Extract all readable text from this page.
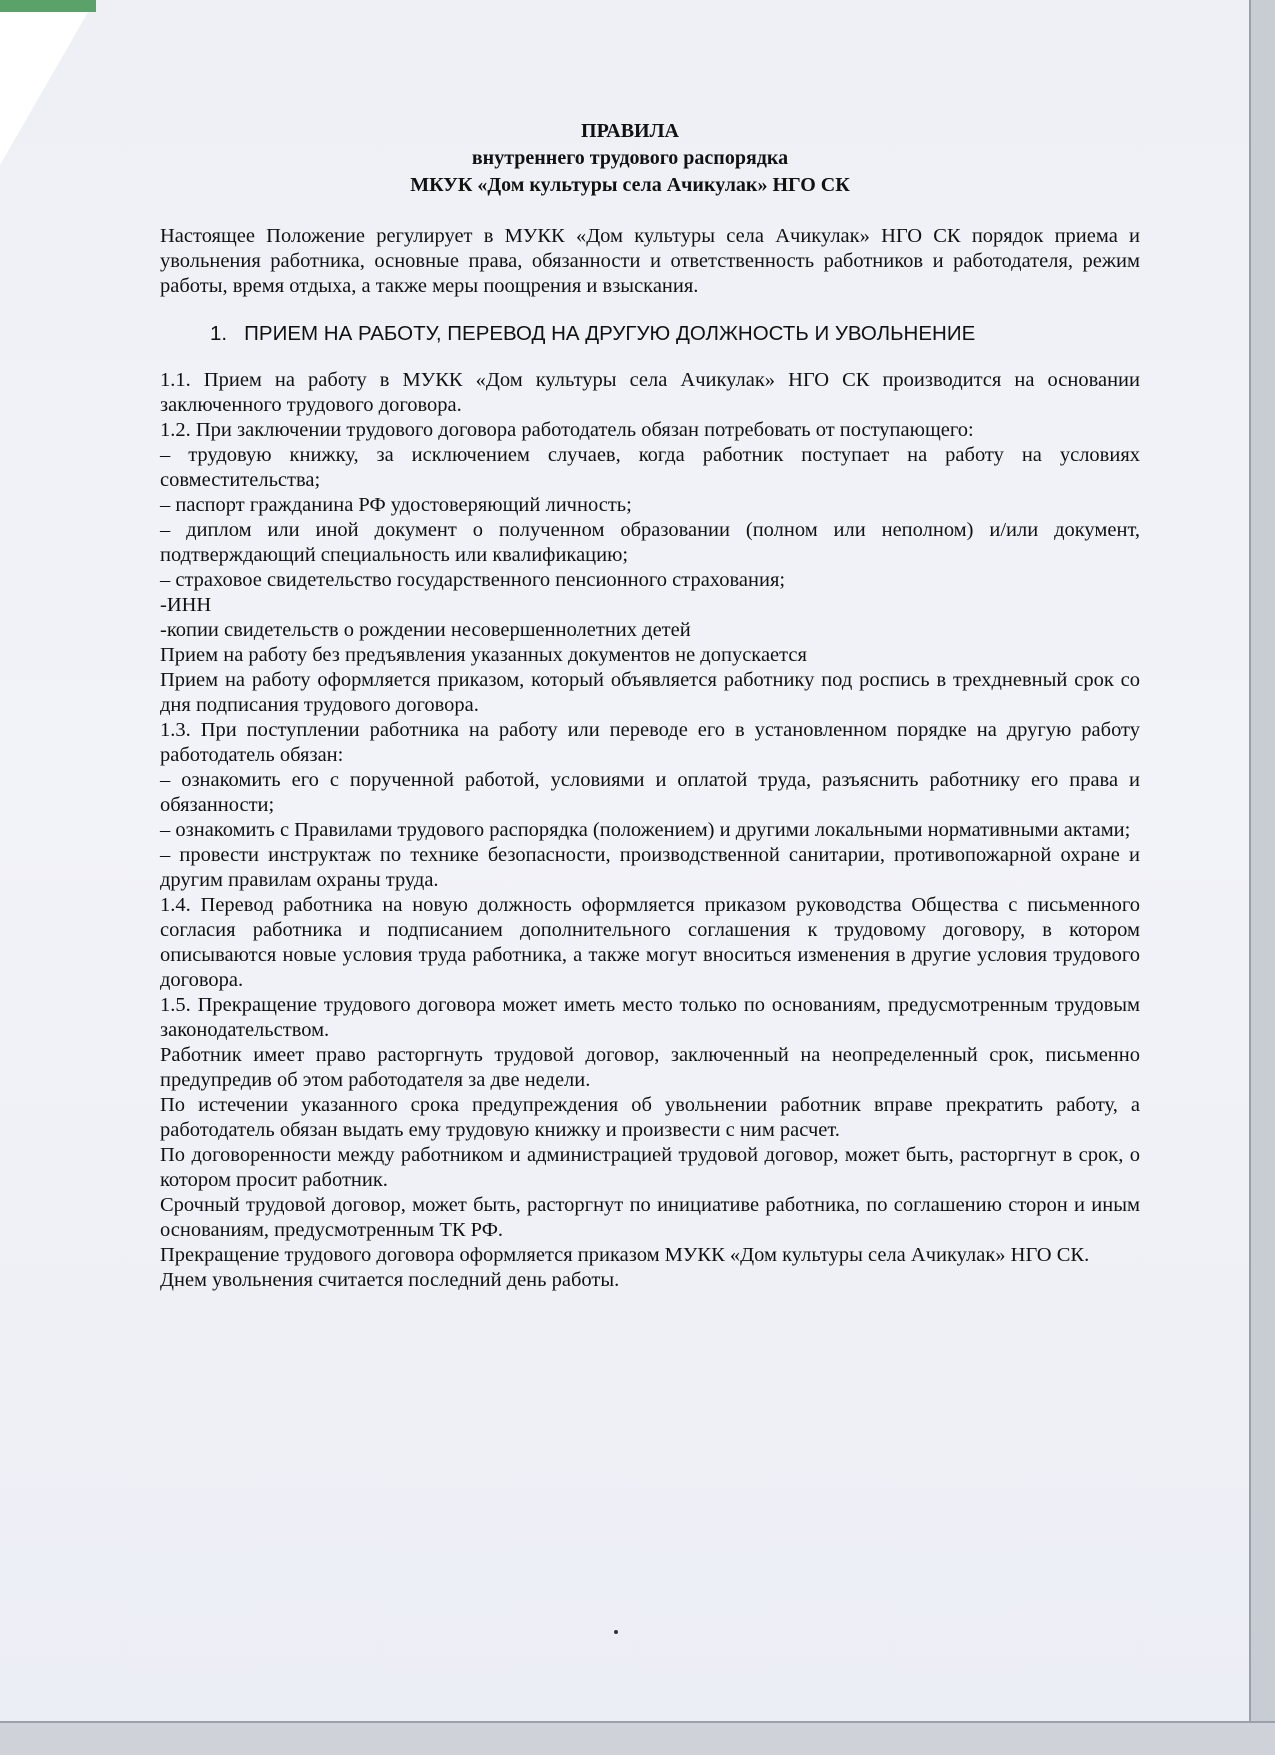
ПРАВИЛА
внутреннего трудового распорядка
МКУК «Дом культуры села Ачикулак» НГО СК

Настоящее Положение регулирует в МУКК «Дом культуры села Ачикулак» НГО СК порядок приема и увольнения работника, основные права, обязанности и ответственность работников и работодателя, режим работы, время отдыха, а также меры поощрения и взыскания.

1.   ПРИЕМ НА РАБОТУ, ПЕРЕВОД НА ДРУГУЮ ДОЛЖНОСТЬ И УВОЛЬНЕНИЕ

1.1. Прием на работу в МУКК «Дом культуры села Ачикулак» НГО СК производится на основании заключенного трудового договора.

1.2. При заключении трудового договора работодатель обязан потребовать от поступающего:

– трудовую книжку, за исключением случаев, когда работник поступает на работу на условиях совместительства;

– паспорт гражданина РФ удостоверяющий личность;

– диплом или иной документ о полученном образовании (полном или неполном) и/или документ, подтверждающий специальность или квалификацию;

– страховое свидетельство государственного пенсионного страхования;

-ИНН

-копии свидетельств о рождении несовершеннолетних детей

Прием на работу без предъявления указанных документов не допускается

Прием на работу оформляется приказом, который объявляется работнику под роспись в трехдневный срок со дня подписания трудового договора.

1.3. При поступлении работника на работу или переводе его в установленном порядке на другую работу работодатель обязан:

– ознакомить его с порученной работой, условиями и оплатой труда, разъяснить работнику его права и обязанности;

– ознакомить с Правилами трудового распорядка (положением) и другими локальными нормативными актами;

– провести инструктаж по технике безопасности, производственной санитарии, противопожарной охране и другим правилам охраны труда.

1.4. Перевод работника на новую должность оформляется приказом руководства Общества с письменного согласия работника и подписанием дополнительного соглашения к трудовому договору, в котором описываются новые условия труда работника, а также могут вноситься изменения в другие условия трудового договора.

1.5. Прекращение трудового договора может иметь место только по основаниям, предусмотренным трудовым законодательством.

Работник имеет право расторгнуть трудовой договор, заключенный на неопределенный срок, письменно предупредив об этом работодателя за две недели.

По истечении указанного срока предупреждения об увольнении работник вправе прекратить работу, а работодатель обязан выдать ему трудовую книжку и произвести с ним расчет.

По договоренности между работником и администрацией трудовой договор, может быть, расторгнут в срок, о котором просит работник.

Срочный трудовой договор, может быть, расторгнут по инициативе работника, по соглашению сторон и иным основаниям, предусмотренным ТК РФ.

Прекращение трудового договора оформляется приказом МУКК «Дом культуры села Ачикулак» НГО СК.

Днем увольнения считается последний день работы.
